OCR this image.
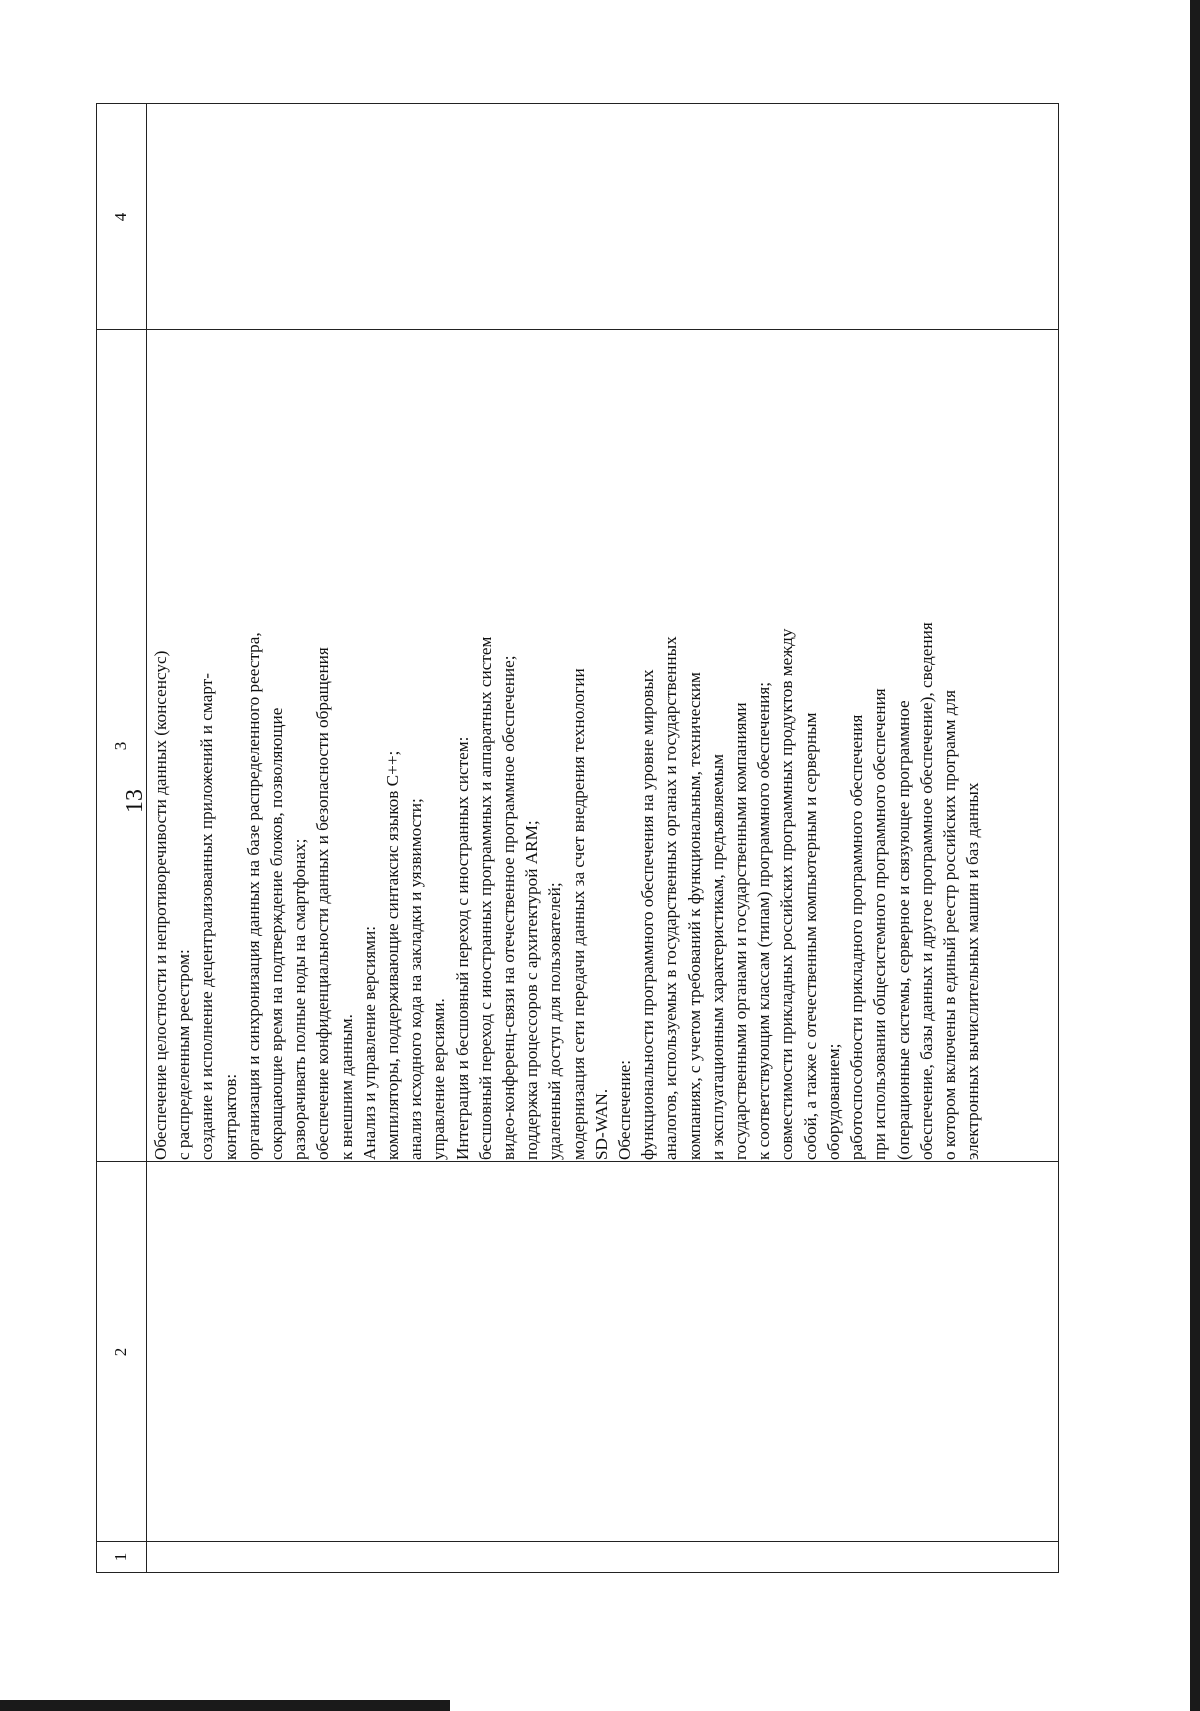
13
1
2
3
4
Обеспечение целостности и непротиворечивости данных (консенсус) с распределенным реестром: создание и исполнение децентрализованных приложений и смарт- контрактов: организация и синхронизация данных на базе распределенного реестра, сокращающие время на подтверждение блоков, позволяющие разворачивать полные ноды на смартфонах; обеспечение конфиденциальности данных и безопасности обращения к внешним данным. Анализ и управление версиями: компиляторы, поддерживающие синтаксис языков С++; анализ исходного кода на закладки и уязвимости; управление версиями. Интеграция и бесшовный переход с иностранных систем: бесшовный переход с иностранных программных и аппаратных систем видео-конференц-связи на отечественное программное обеспечение; поддержка процессоров с архитектурой ARM; удаленный доступ для пользователей; модернизация сети передачи данных за счет внедрения технологии SD-WAN. Обеспечение: функциональности программного обеспечения на уровне мировых аналогов, используемых в государственных органах и государственных компаниях, с учетом требований к функциональным, техническим и эксплуатационным характеристикам, предъявляемым государственными органами и государственными компаниями к соответствующим классам (типам) программного обеспечения; совместимости прикладных российских программных продуктов между собой, а также с отечественным компьютерным и серверным оборудованием; работоспособности прикладного программного обеспечения при использовании общесистемного программного обеспечения (операционные системы, серверное и связующее программное обеспечение, базы данных и другое программное обеспечение), сведения о котором включены в единый реестр российских программ для электронных вычислительных машин и баз данных
